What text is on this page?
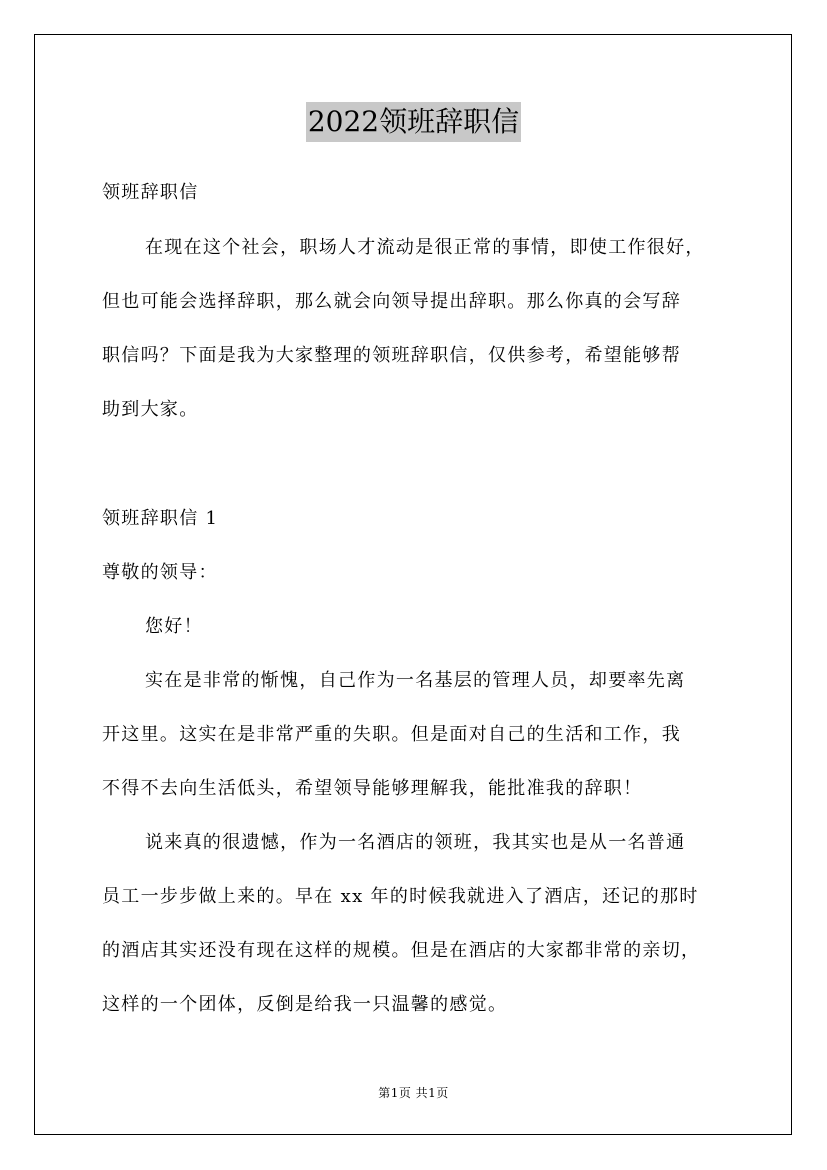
2022领班辞职信
领班辞职信
在现在这个社会，职场人才流动是很正常的事情，即使工作很好，
但也可能会选择辞职，那么就会向领导提出辞职。那么你真的会写辞
职信吗？下面是我为大家整理的领班辞职信，仅供参考，希望能够帮
助到大家。
领班辞职信 1
尊敬的领导：
您好！
实在是非常的惭愧，自己作为一名基层的管理人员，却要率先离
开这里。这实在是非常严重的失职。但是面对自己的生活和工作，我
不得不去向生活低头，希望领导能够理解我，能批准我的辞职！
说来真的很遗憾，作为一名酒店的领班，我其实也是从一名普通
员工一步步做上来的。早在 xx 年的时候我就进入了酒店，还记的那时
的酒店其实还没有现在这样的规模。但是在酒店的大家都非常的亲切，
这样的一个团体，反倒是给我一只温馨的感觉。
第1页 共1页
